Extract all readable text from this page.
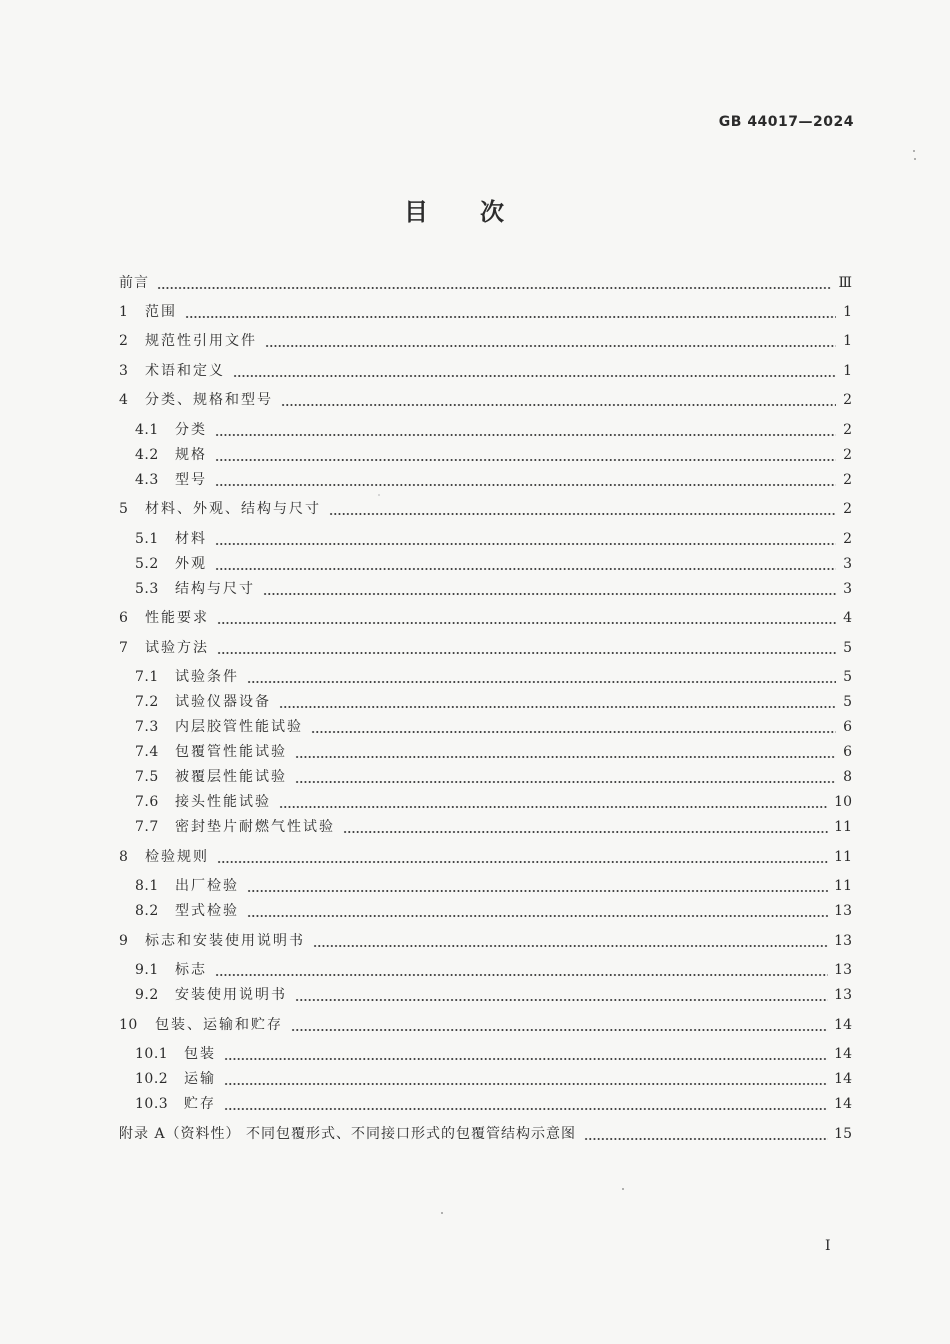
GB 44017—2024
目次
前言	Ⅲ
1	范围	1
2	规范性引用文件	1
3	术语和定义	1
4	分类、规格和型号	2
4.1	分类	2
4.2	规格	2
4.3	型号	2
5	材料、外观、结构与尺寸	2
5.1	材料	2
5.2	外观	3
5.3	结构与尺寸	3
6	性能要求	4
7	试验方法	5
7.1	试验条件	5
7.2	试验仪器设备	5
7.3	内层胶管性能试验	6
7.4	包覆管性能试验	6
7.5	被覆层性能试验	8
7.6	接头性能试验	10
7.7	密封垫片耐燃气性试验	11
8	检验规则	11
8.1	出厂检验	11
8.2	型式检验	13
9	标志和安装使用说明书	13
9.1	标志	13
9.2	安装使用说明书	13
10	包装、运输和贮存	14
10.1	包装	14
10.2	运输	14
10.3	贮存	14
附录 A（资料性） 不同包覆形式、不同接口形式的包覆管结构示意图	15
I
